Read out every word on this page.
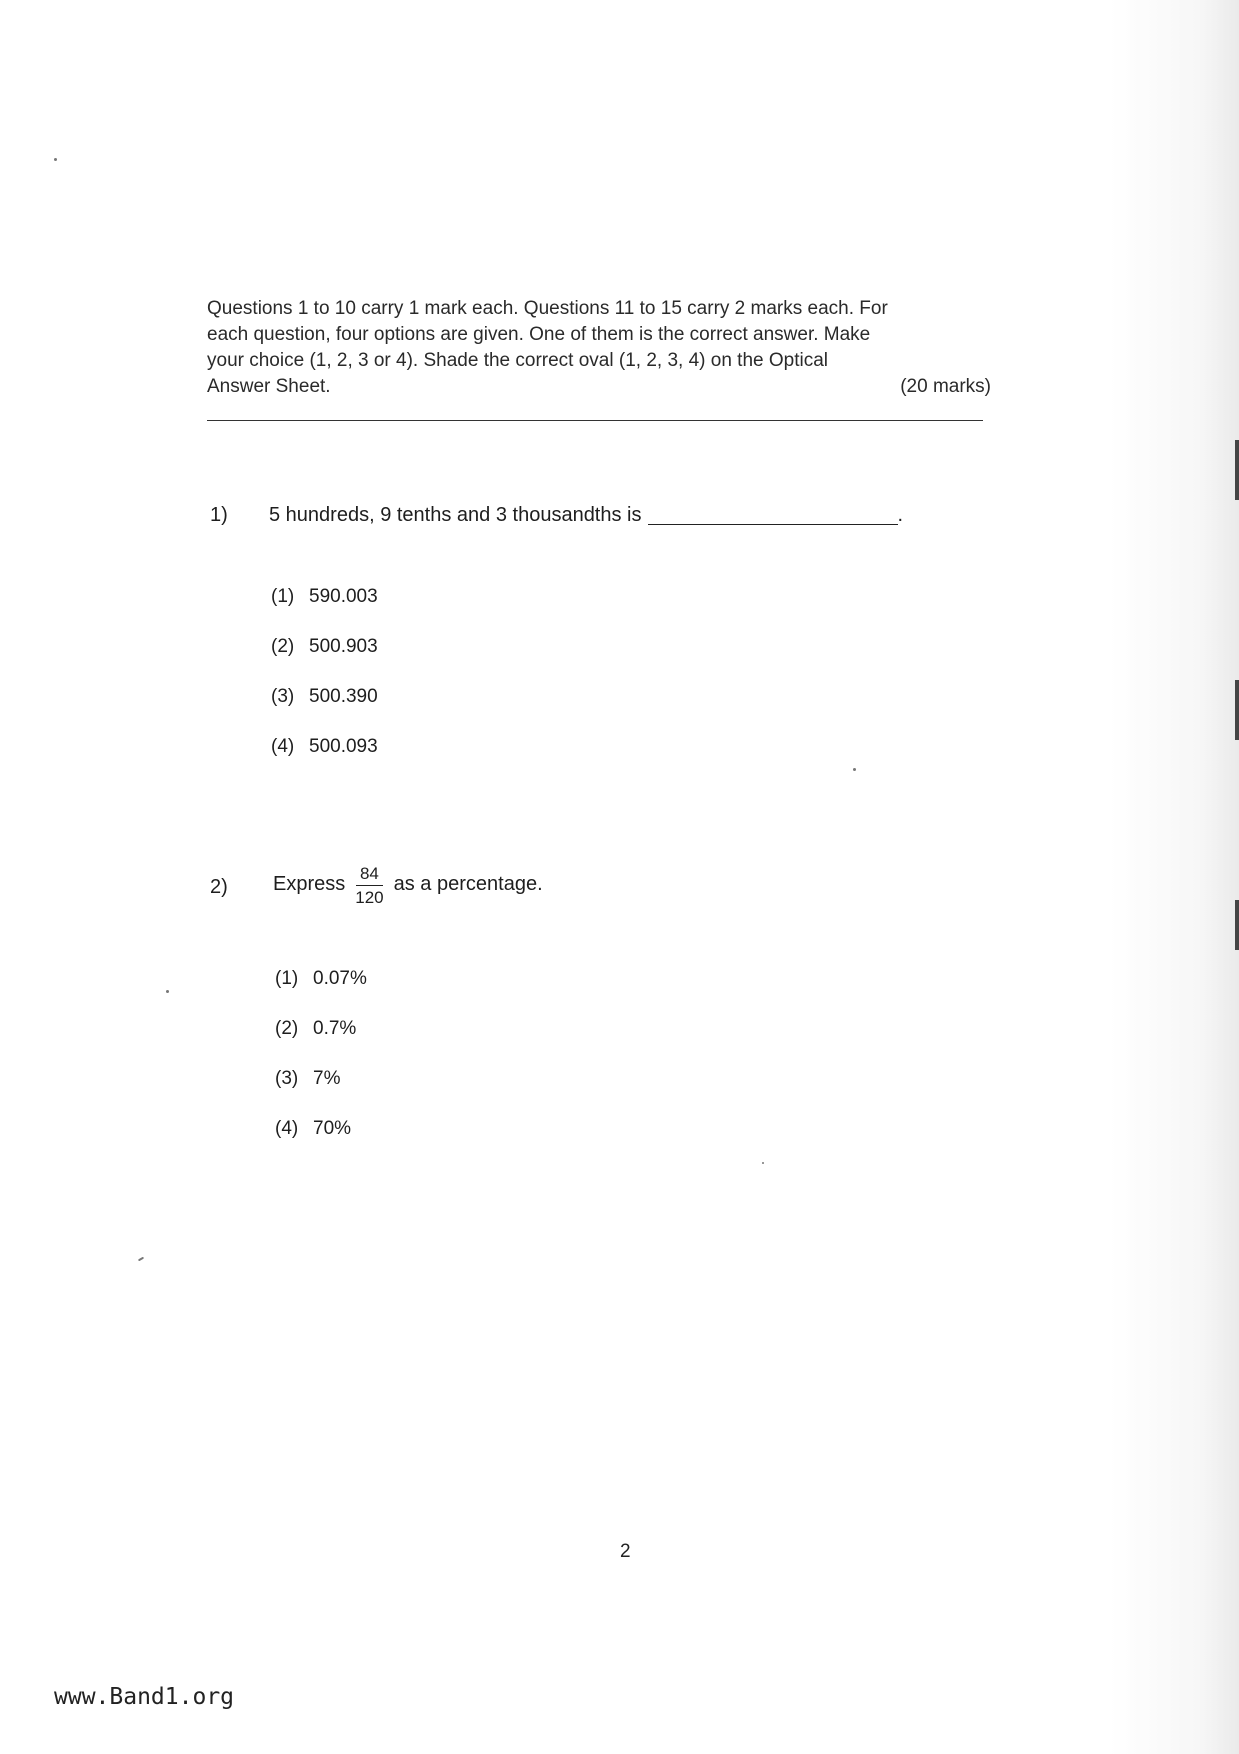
Questions 1 to 10 carry 1 mark each. Questions 11 to 15 carry 2 marks each. For
each question, four options are given. One of them is the correct answer. Make
your choice (1, 2, 3 or 4). Shade the correct oval (1, 2, 3, 4) on the Optical
Answer Sheet.	(20 marks)
1) 5 hundreds, 9 tenths and 3 thousandths is	.
(1) 590.003
(2) 500.903
(3) 500.390
(4) 500.093
2) Express $\frac{84}{120}$ as a percentage.
(1) 0.07%
(2) 0.7%
(3) 7%
(4) 70%
2
www.Band1.org
